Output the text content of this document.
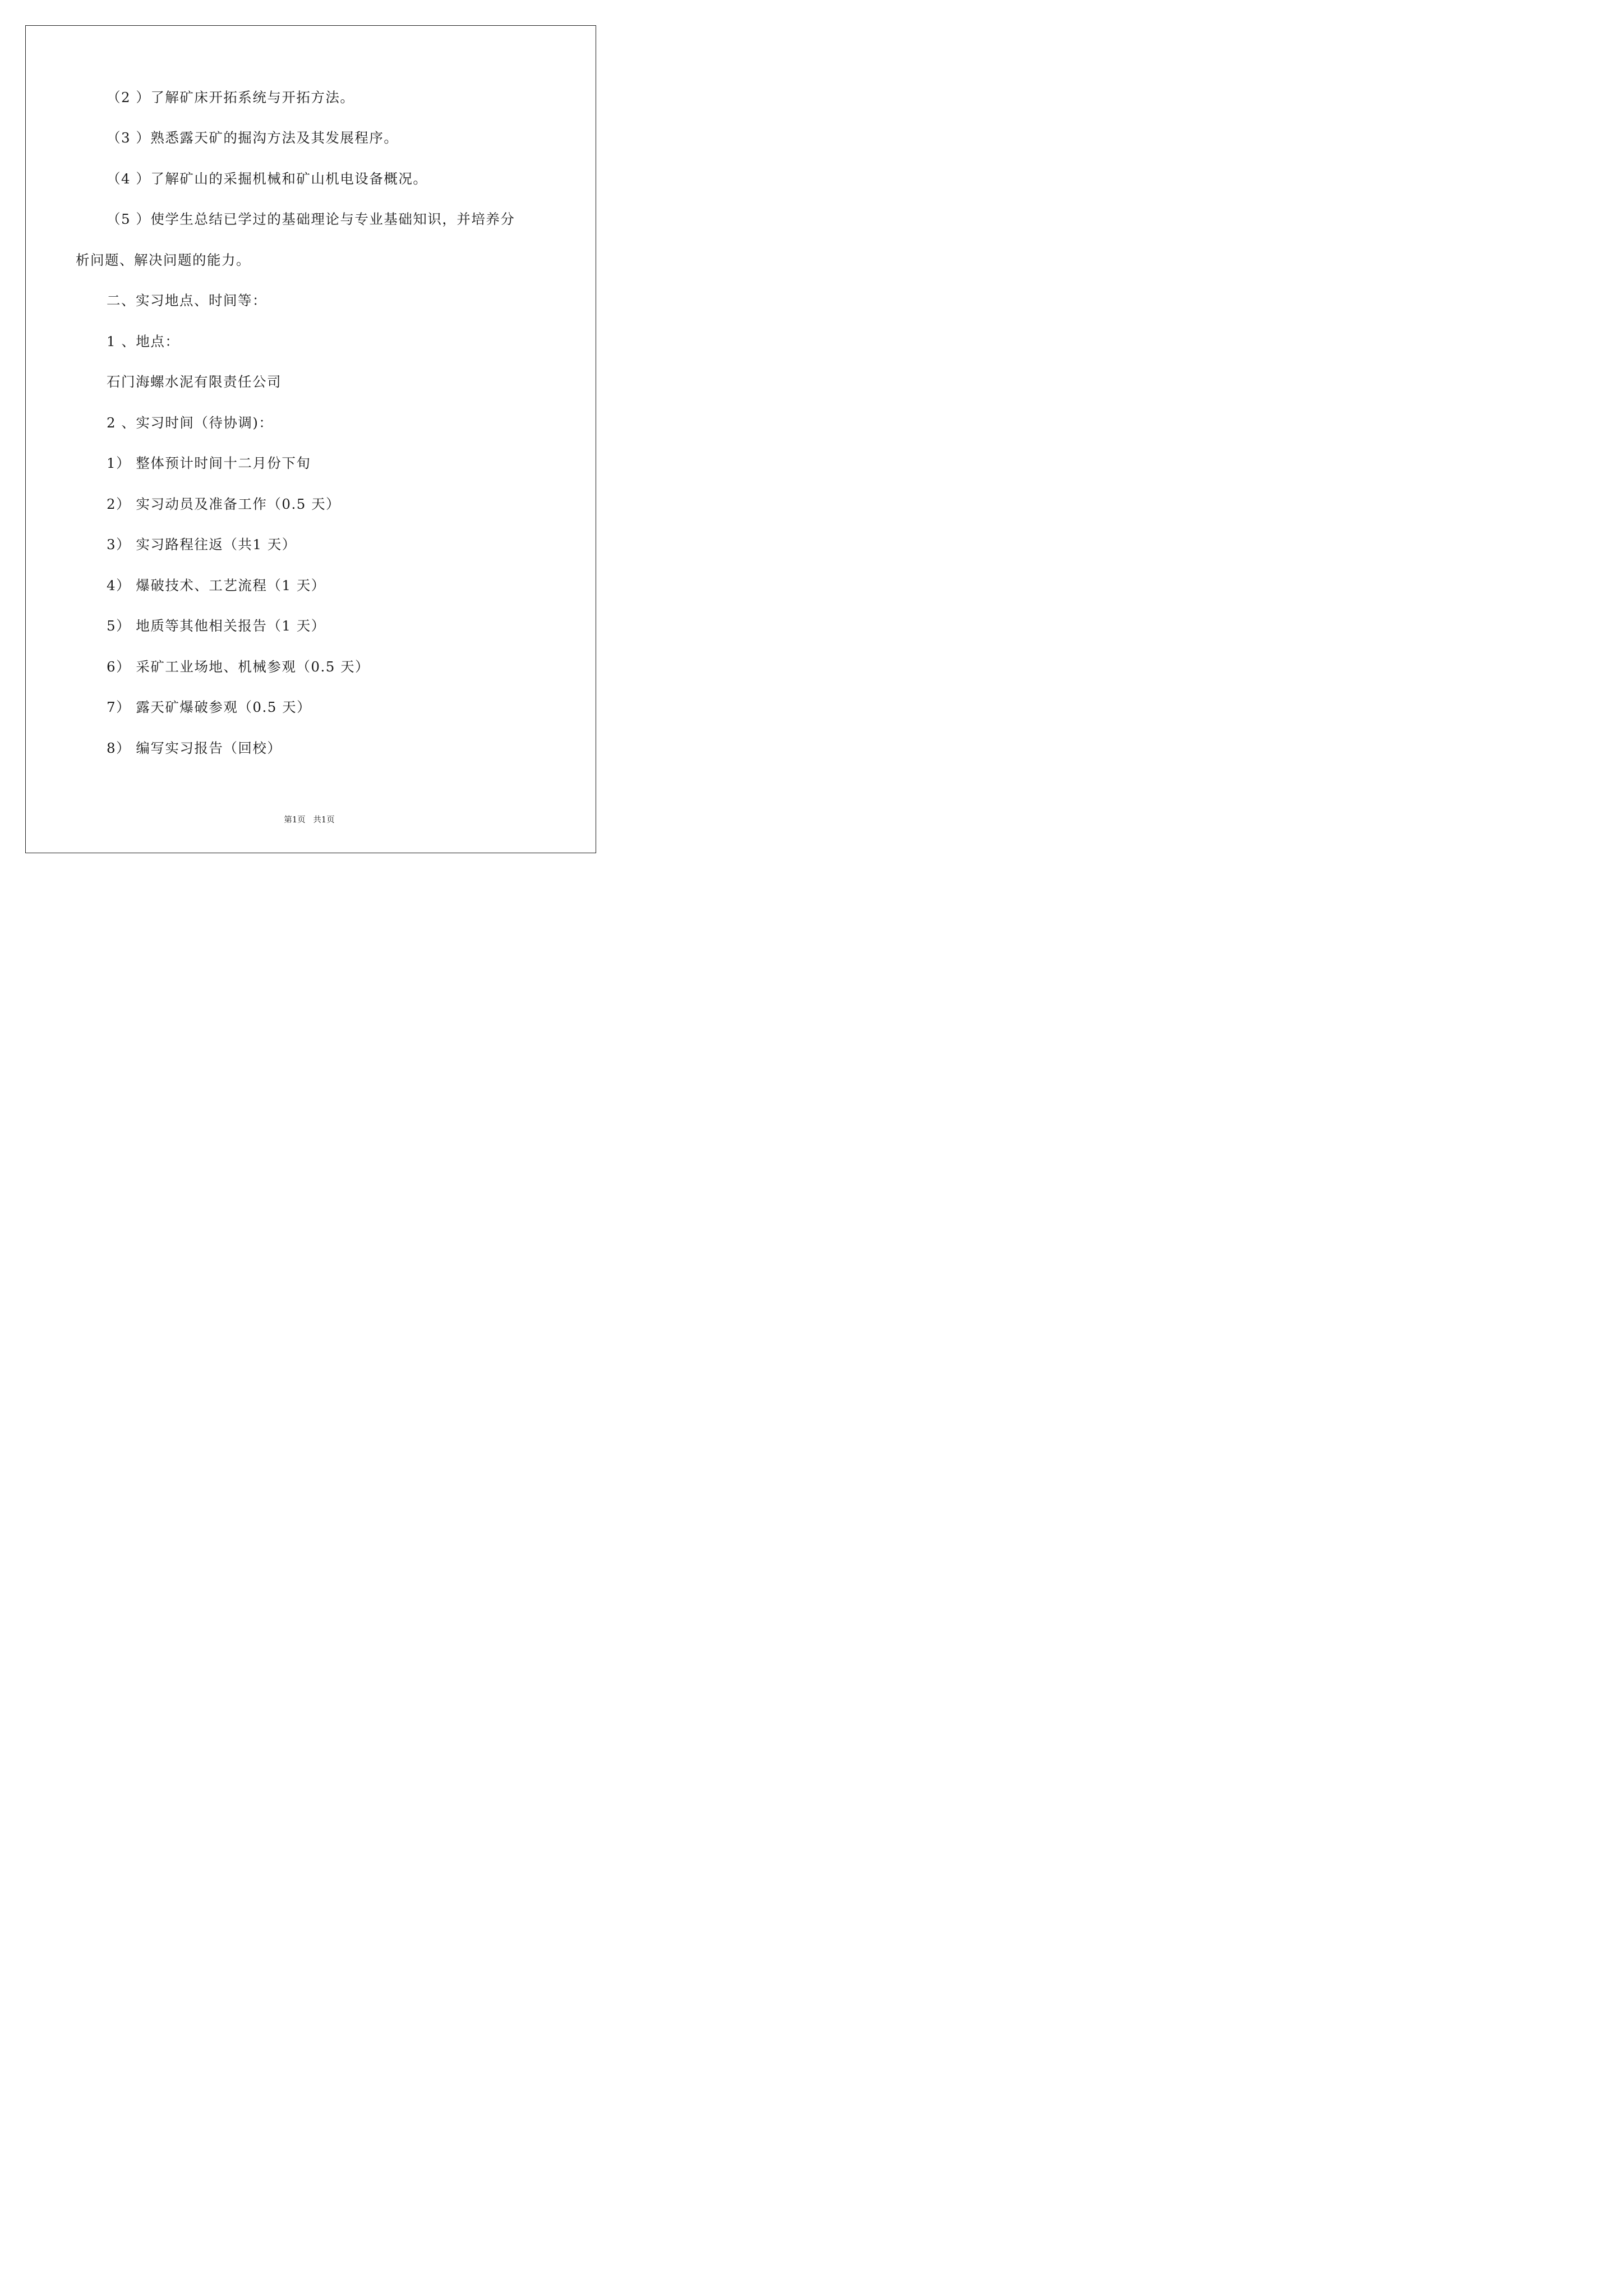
（2 ）了解矿床开拓系统与开拓方法。
（3 ）熟悉露天矿的掘沟方法及其发展程序。
（4 ）了解矿山的采掘机械和矿山机电设备概况。
（5 ）使学生总结已学过的基础理论与专业基础知识，并培养分
析问题、解决问题的能力。
二、实习地点、时间等：
1 、地点：
石门海螺水泥有限责任公司
2 、实习时间（待协调)：
1） 整体预计时间十二月份下旬
2） 实习动员及准备工作（0.5 天）
3） 实习路程往返（共1 天）
4） 爆破技术、工艺流程（1 天）
5） 地质等其他相关报告（1 天）
6） 采矿工业场地、机械参观（0.5 天）
7） 露天矿爆破参观（0.5 天）
8） 编写实习报告（回校）
第1页   共1页
